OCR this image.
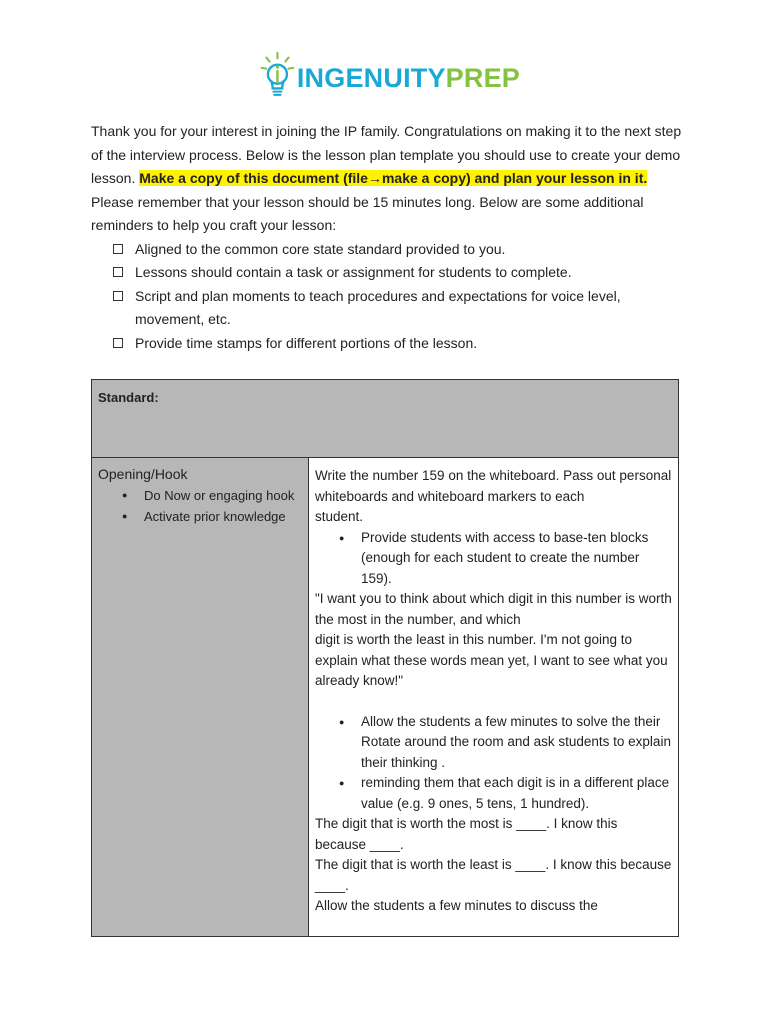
INGENUITYPREP

Thank you for your interest in joining the IP family. Congratulations on making it to the next step of the interview process. Below is the lesson plan template you should use to create your demo lesson. Make a copy of this document (file→make a copy) and plan your lesson in it. Please remember that your lesson should be 15 minutes long. Below are some additional reminders to help you craft your lesson:

Aligned to the common core state standard provided to you.
Lessons should contain a task or assignment for students to complete.
Script and plan moments to teach procedures and expectations for voice level, movement, etc.
Provide time stamps for different portions of the lesson.
Standard:

Opening/Hook
● Do Now or engaging hook
● Activate prior knowledge

Write the number 159 on the whiteboard. Pass out personal whiteboards and whiteboard markers to each

student.

● Provide students with access to base-ten blocks (enough for each student to create the number 159).

"I want you to think about which digit in this number is worth the most in the number, and which

digit is worth the least in this number. I'm not going to explain what these words mean yet, I want to see what you already know!"

● Allow the students a few minutes to solve the their Rotate around the room and ask students to explain their thinking .
● reminding them that each digit is in a different place value (e.g. 9 ones, 5 tens, 1 hundred).

The digit that is worth the most is ____. I know this because ____.

The digit that is worth the least is ____. I know this because ____.

Allow the students a few minutes to discuss the
